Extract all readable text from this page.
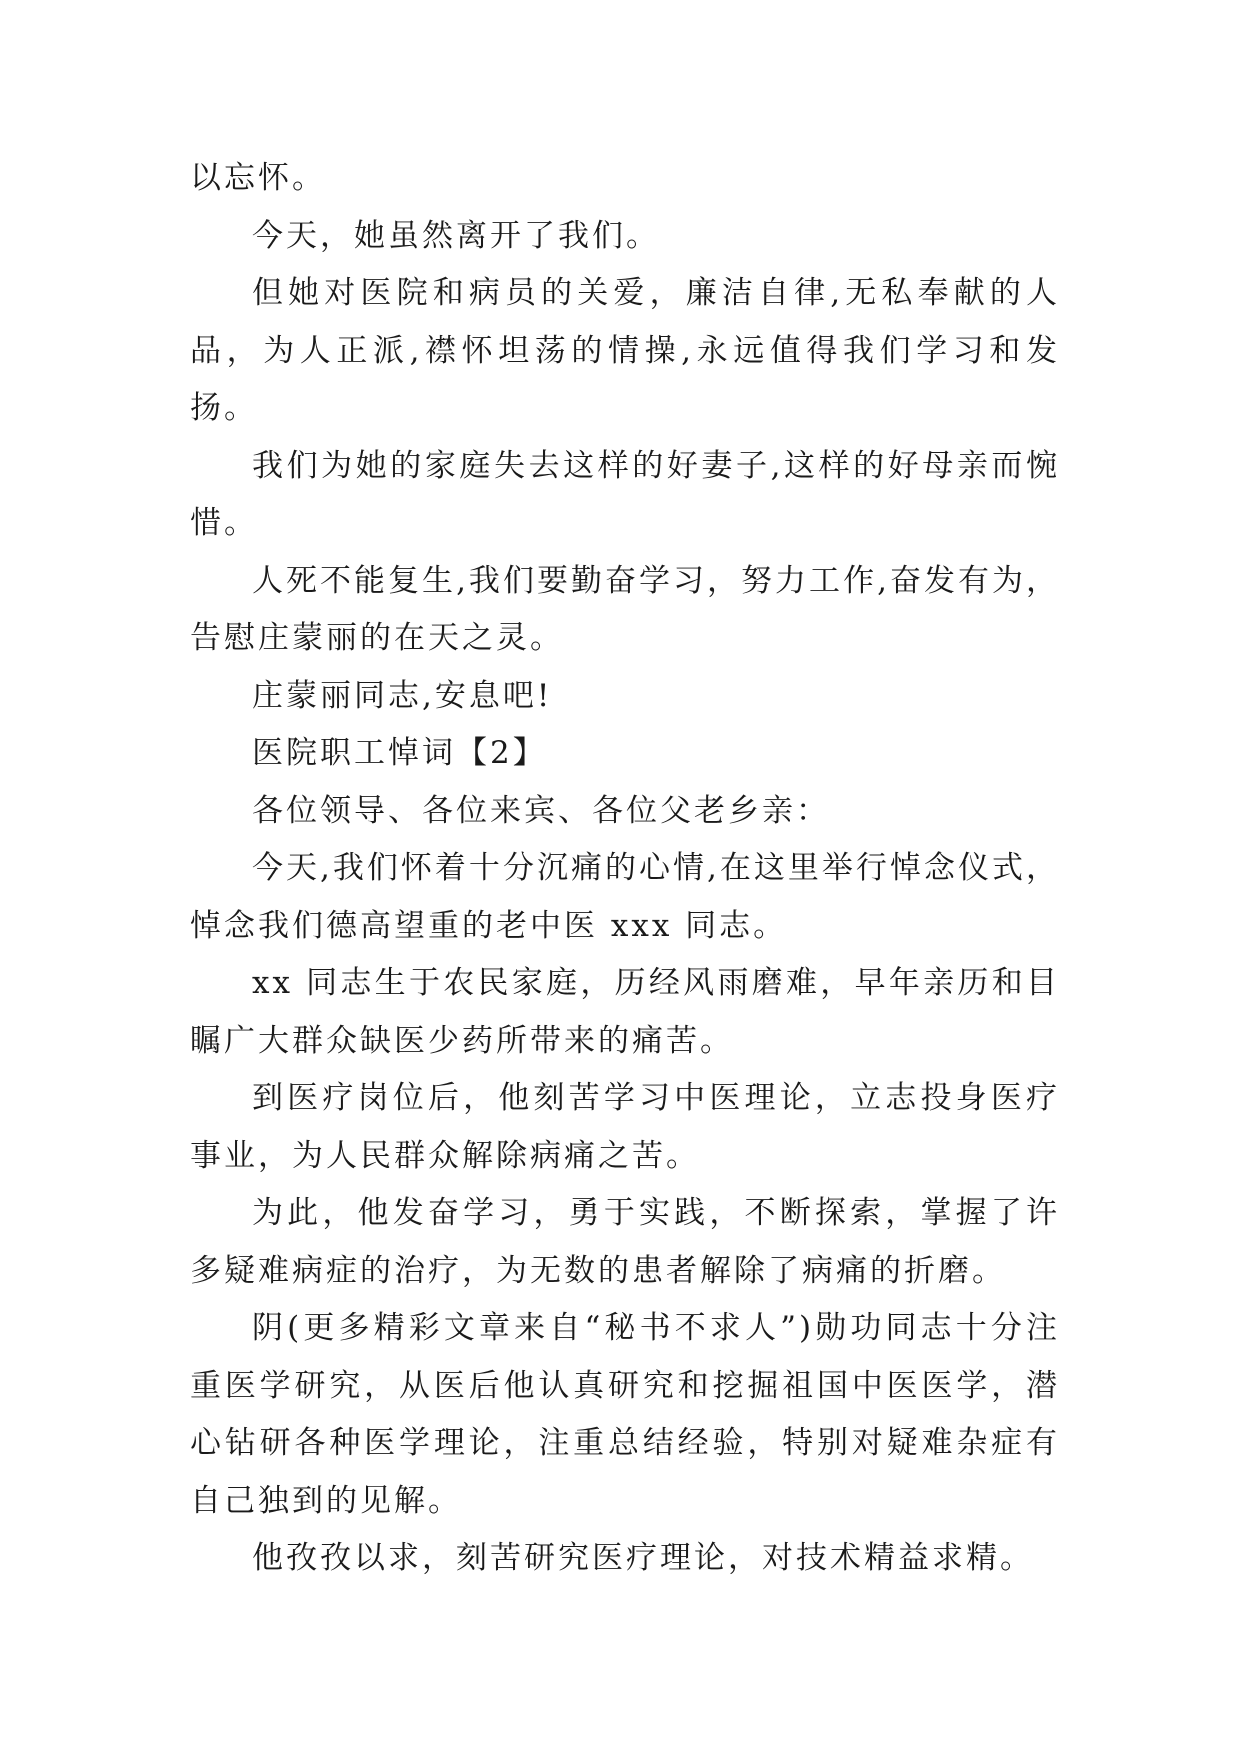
以忘怀。

今天，她虽然离开了我们。

但她对医院和病员的关爱，廉洁自律,无私奉献的人品，为人正派,襟怀坦荡的情操,永远值得我们学习和发扬。

我们为她的家庭失去这样的好妻子,这样的好母亲而惋惜。

人死不能复生,我们要勤奋学习，努力工作,奋发有为，告慰庄蒙丽的在天之灵。

庄蒙丽同志,安息吧!

医院职工悼词【2】

各位领导、各位来宾、各位父老乡亲：

今天,我们怀着十分沉痛的心情,在这里举行悼念仪式，悼念我们德高望重的老中医 xxx 同志。

xx 同志生于农民家庭，历经风雨磨难，早年亲历和目瞩广大群众缺医少药所带来的痛苦。

到医疗岗位后，他刻苦学习中医理论，立志投身医疗事业，为人民群众解除病痛之苦。

为此，他发奋学习，勇于实践，不断探索，掌握了许多疑难病症的治疗，为无数的患者解除了病痛的折磨。

阴(更多精彩文章来自“秘书不求人”)勋功同志十分注重医学研究，从医后他认真研究和挖掘祖国中医医学，潜心钻研各种医学理论，注重总结经验，特别对疑难杂症有自己独到的见解。

他孜孜以求，刻苦研究医疗理论，对技术精益求精。
